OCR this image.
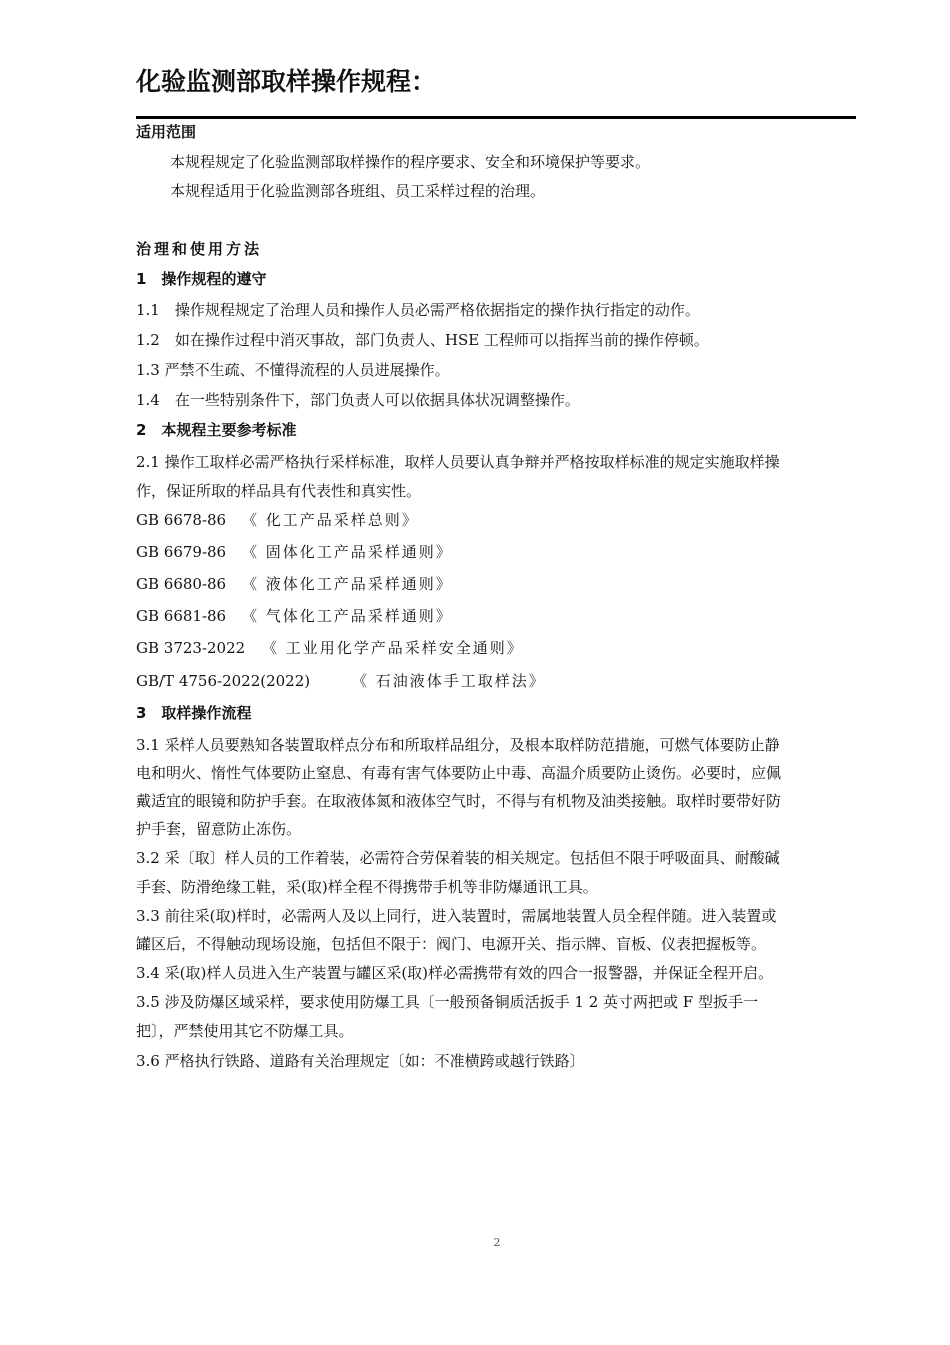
化验监测部取样操作规程：
适用范围
本规程规定了化验监测部取样操作的程序要求、安全和环境保护等要求。
本规程适用于化验监测部各班组、员工采样过程的治理。
治理和使用方法
1　操作规程的遵守
1.1　操作规程规定了治理人员和操作人员必需严格依据指定的操作执行指定的动作。
1.2　如在操作过程中消灭事故，部门负责人、HSE 工程师可以指挥当前的操作停顿。
1.3 严禁不生疏、不懂得流程的人员进展操作。
1.4　在一些特别条件下，部门负责人可以依据具体状况调整操作。
2　本规程主要参考标准
2.1 操作工取样必需严格执行采样标准，取样人员要认真争辩并严格按取样标准的规定实施取样操
作，保证所取的样品具有代表性和真实性。
GB 6678-86 《 化工产品采样总则》
GB 6679-86 《 固体化工产品采样通则》
GB 6680-86 《 液体化工产品采样通则》
GB 6681-86 《 气体化工产品采样通则》
GB 3723-2022 《 工业用化学产品采样安全通则》
GB/T 4756-2022(2022)	《 石油液体手工取样法》
3　取样操作流程
3.1 采样人员要熟知各装置取样点分布和所取样品组分，及根本取样防范措施，可燃气体要防止静
电和明火、惰性气体要防止窒息、有毒有害气体要防止中毒、高温介质要防止烫伤。必要时，应佩
戴适宜的眼镜和防护手套。在取液体氮和液体空气时，不得与有机物及油类接触。取样时要带好防
护手套，留意防止冻伤。
3.2 采〔取〕样人员的工作着装，必需符合劳保着装的相关规定。包括但不限于呼吸面具、耐酸碱
手套、防滑绝缘工鞋，采(取)样全程不得携带手机等非防爆通讯工具。
3.3 前往采(取)样时，必需两人及以上同行，进入装置时，需属地装置人员全程伴随。进入装置或
罐区后，不得触动现场设施，包括但不限于：阀门、电源开关、指示牌、盲板、仪表把握板等。
3.4 采(取)样人员进入生产装置与罐区采(取)样必需携带有效的四合一报警器，并保证全程开启。
3.5 涉及防爆区域采样，要求使用防爆工具〔一般预备铜质活扳手 1 2 英寸两把或 F 型扳手一
把〕，严禁使用其它不防爆工具。
3.6 严格执行铁路、道路有关治理规定〔如：不准横跨或越行铁路〕
2
